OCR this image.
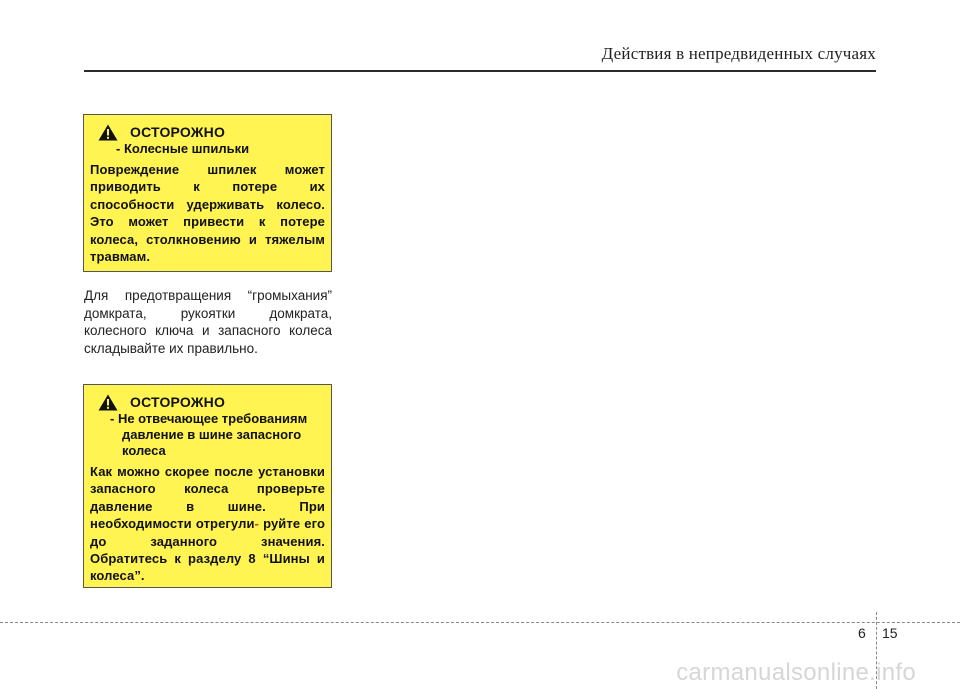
Действия в непредвиденных случаях
ОСТОРОЖНО

- Колесные шпильки

Повреждение шпилек может приводить к потере их способности удерживать колесо. Это может привести к потере колеса, столкновению и тяжелым травмам.

Для предотвращения “громыхания” домкрата, рукоятки домкрата, колесного ключа и запасного колеса складывайте их правильно.

ОСТОРОЖНО

- Не отвечающее требованиям давление в шине запасного колеса

Как можно скорее после установки запасного колеса проверьте давление в шине. При необходимости отрегули- руйте его до заданного значения. Обратитесь к разделу 8 “Шины и колеса”.

6 15
carmanualsonline.info
